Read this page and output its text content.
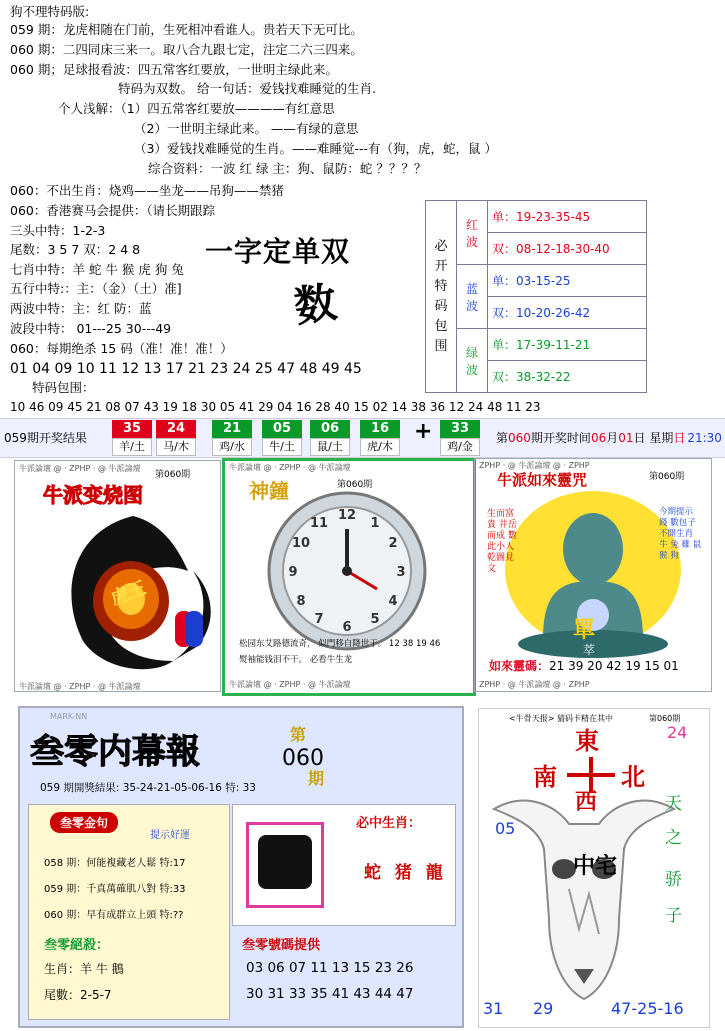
狗不理特码版:
059 期：龙虎相随在门前，生死相冲看谁人。贵若天下无可比。
060 期：二四同床三来一。取八合九跟七定，注定二六三四来。
060 期；足球报看波：四五常客红要放，一世明主绿此来。
特码为双数。 给一句话：爱钱找难睡觉的生肖.
个人浅解：（1）四五常客红要放————有红意思
（2）一世明主绿此来。 ——有绿的意思
（3）爱钱找难睡觉的生肖。——难睡觉---有（狗，虎，蛇，鼠 ）
综合资料：一波 红 绿 主：狗、鼠防：蛇 ？？？？
060：不出生肖：烧鸡——坐龙——吊狗——禁猪
060：香港赛马会提供：（请长期跟踪
三头中特：1-2-3
尾数：3 5 7 双：2 4 8
七肖中特：羊 蛇 牛 猴 虎 狗 兔
五行中特:：主：（金）（土）准]
两波中特：主：红 防：蓝
波段中特： 01---25 30---49
060：每期绝杀 15 码（准！准！准！）
01 04 09 10 11 12 13 17 21 23 24 25 47 48 49 45
特码包围：
10 46 09 45 21 08 07 43 19 18 30 05 41 29 04 16 28 40 15 02 14 38 36 12 24 48 11 23
一字定单双
数
必开特码包围	红波	单：19-23-35-45
		双：08-12-18-30-40
	蓝波	单：03-15-25
		双：10-20-26-42
	绿波	单：17-39-11-21
		双：38-32-22
059期开奖结果
35
羊/土
24
马/木
21
鸡/水
05
牛/土
06
鼠/土
16
虎/木
33
鸡/金
+	第060期开奖时间06月01日 星期日 21:30
牛派論壇 @ · ZPHP · @ 牛派論壇
牛派論壇 @ · ZPHP · @ 牛派論壇
第060期
牛派变烧图
虎王
牛派論壇 @ · ZPHP · @ 牛派論壇
牛派論壇 @ · ZPHP · @ 牛派論壇
神鐘	第060期
12
1
2
3
4
5
6
7
8
9
10
11
松园东艾路德流奇， 似門移自降世于。 12 38 19 46
熨袖能钱泪不干。 必看牛生龙
ZPHP · @ 牛派論壇 @ · ZPHP
ZPHP · @ 牛派論壇 @ · ZPHP
牛派如來靈咒	第060期
生而富貴 井岳而成 數此小人 乾圖見文
今期提示 錢 數包子 不開生肖 牛 兔 雞 鼠 猴 狗
單
萃
如來靈碼：21 39 20 42 19 15 01
MARK-NN
叁零内幕報	第
060
期
059 期開獎結果: 35-24-21-05-06-16 特: 33
叁零金句
提示好運
058 期：何能複藏老人鬆 特:17
059 期：千真萬確肌八對 特:33
060 期：早有成群立上頭 特:??
叁零絕殺：
生肖：羊 牛 鵝
尾數：2-5-7
必中生肖：
蛇 猪 龍
叁零號碼提供
03 06 07 11 13 15 23 26
30 31 33 35 41 43 44 47
<牛骨天报> 猜码卡精在其中	第060期
24
東
南	北
西
中宅
05
天
之
骄
子
31 29	47-25-16
